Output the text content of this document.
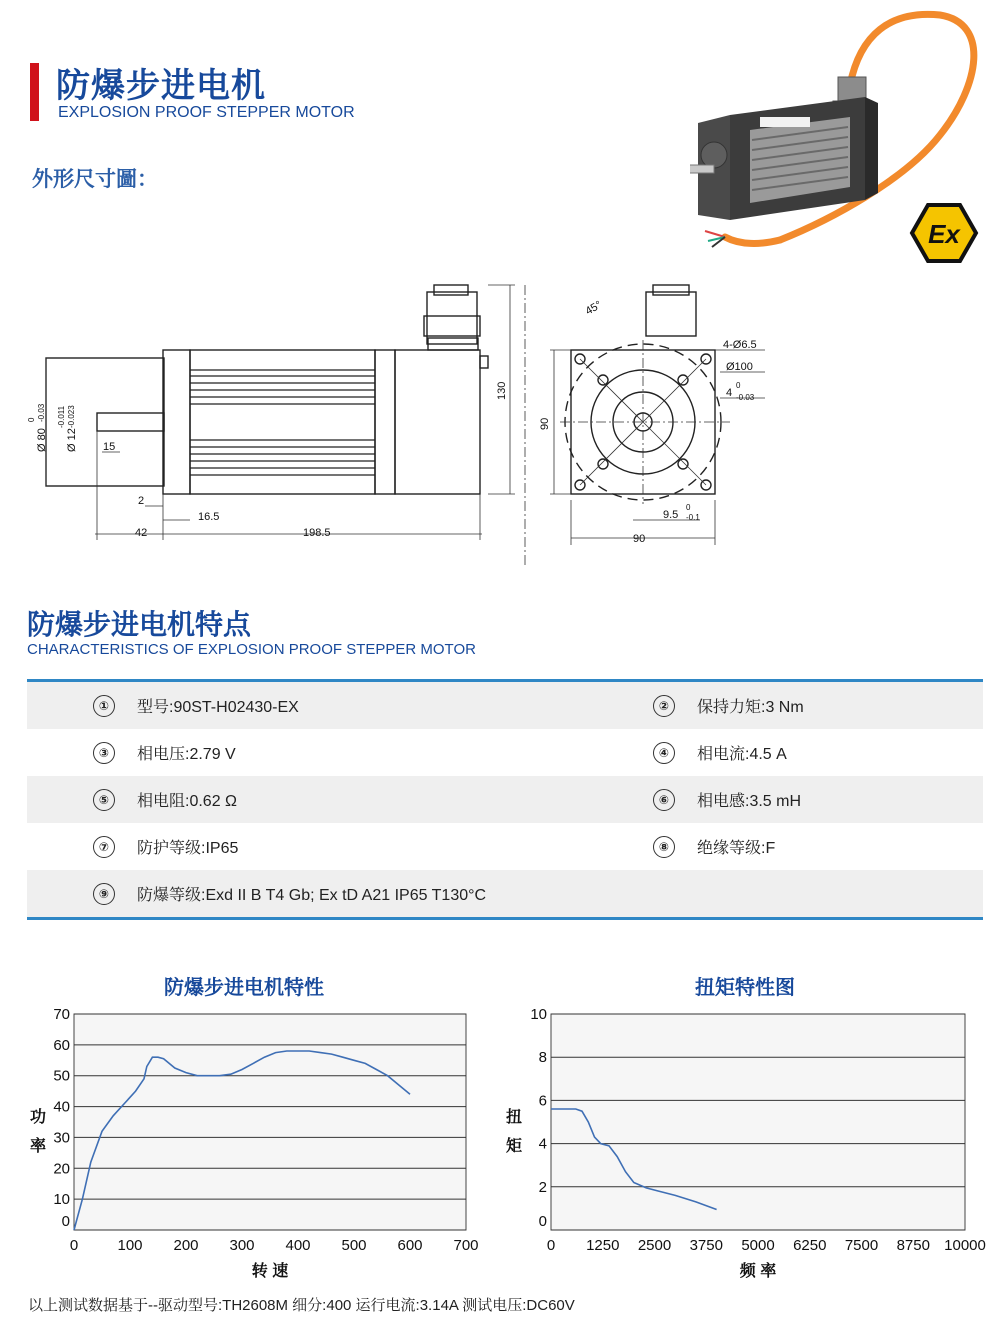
防爆步进电机
EXPLOSION PROOF STEPPER MOTOR
外形尺寸圖：
Ex
Ø 80
0 -0.03
Ø 12
-0.011 -0.023
15
2
16.5
42	198.5
130
45°
4-Ø6.5
Ø100
4
0
-0.03
90
9.5
0
-0.1
90
防爆步进电机特点
CHARACTERISTICS OF EXPLOSION PROOF STEPPER MOTOR
①	型号:90ST-H02430-EX	②	保持力矩:3 Nm
③	相电压:2.79 V	④	相电流:4.5 A
⑤	相电阻:0.62 Ω	⑥	相电感:3.5 mH
⑦	防护等级:IP65	⑧	绝缘等级:F
⑨	防爆等级:Exd II B T4 Gb; Ex tD A21 IP65 T130°C
防爆步进电机特性
0
10
20
30
40
50
60
70
0	100 200 300 400 500 600 700
转 速
功率
扭矩特性图
0
2
4
6
8
10
0 1250 2500 3750 5000 6250 7500 8750 10000
频 率
扭矩
以上测试数据基于--驱动型号:TH2608M 细分:400 运行电流:3.14A 测试电压:DC60V
